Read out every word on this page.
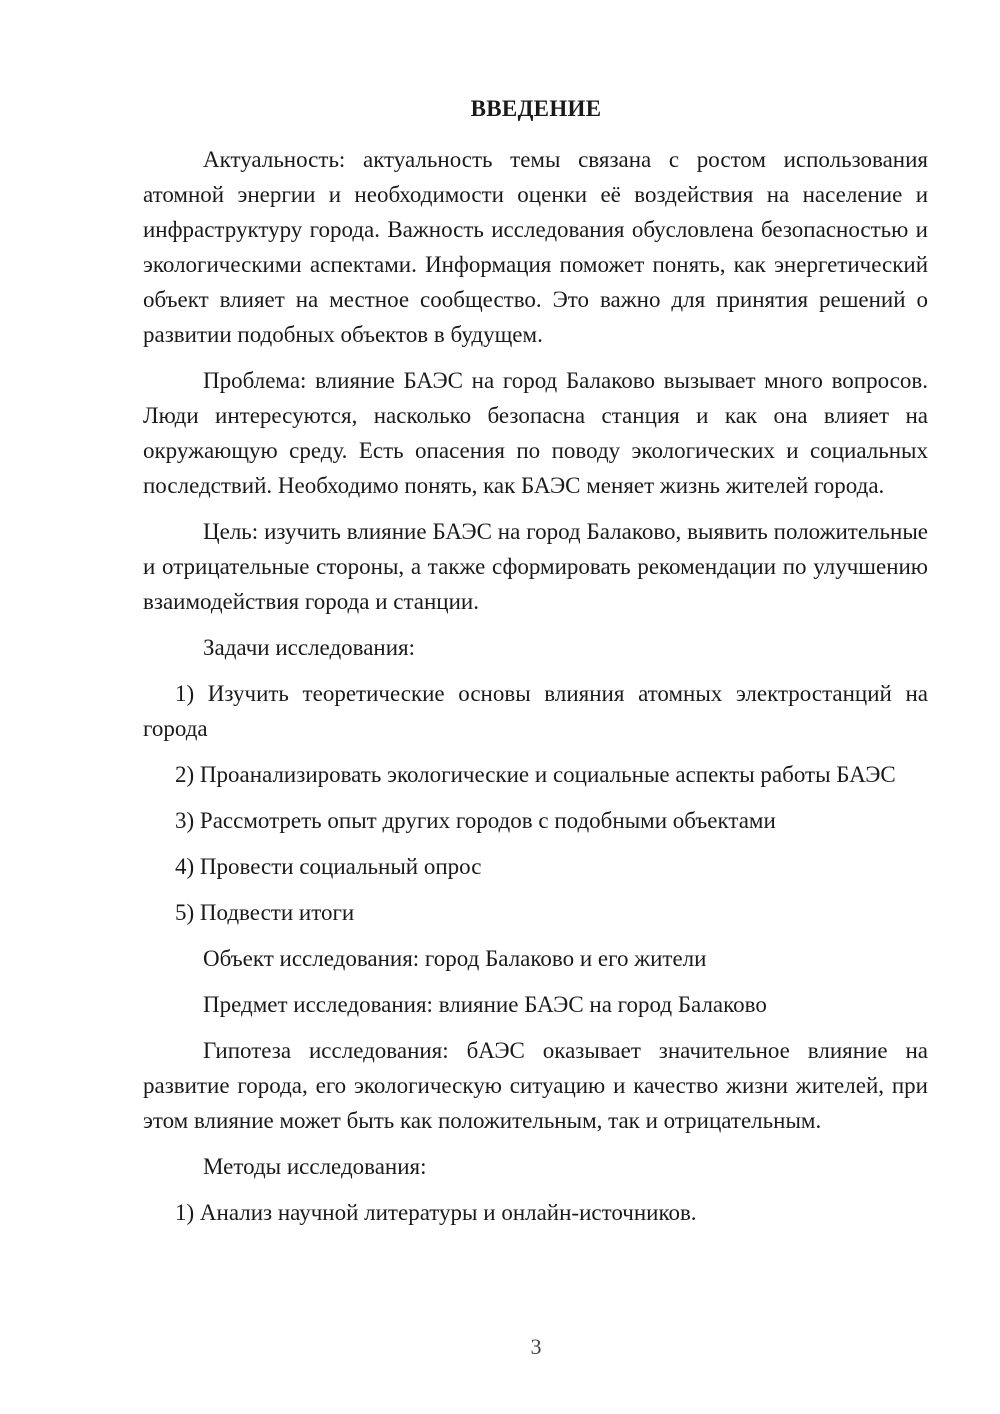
ВВЕДЕНИЕ

Актуальность: актуальность темы связана с ростом использования атомной энергии и необходимости оценки её воздействия на население и инфраструктуру города. Важность исследования обусловлена безопасностью и экологическими аспектами. Информация поможет понять, как энергетический объект влияет на местное сообщество. Это важно для принятия решений о развитии подобных объектов в будущем.

Проблема: влияние БАЭС на город Балаково вызывает много вопросов. Люди интересуются, насколько безопасна станция и как она влияет на окружающую среду. Есть опасения по поводу экологических и социальных последствий. Необходимо понять, как БАЭС меняет жизнь жителей города.

Цель: изучить влияние БАЭС на город Балаково, выявить положительные и отрицательные стороны, а также сформировать рекомендации по улучшению взаимодействия города и станции.

Задачи исследования:

1) Изучить теоретические основы влияния атомных электростанций на города

2) Проанализировать экологические и социальные аспекты работы БАЭС

3) Рассмотреть опыт других городов с подобными объектами

4) Провести социальный опрос

5) Подвести итоги

Объект исследования: город Балаково и его жители

Предмет исследования: влияние БАЭС на город Балаково

Гипотеза исследования: бАЭС оказывает значительное влияние на развитие города, его экологическую ситуацию и качество жизни жителей, при этом влияние может быть как положительным, так и отрицательным.

Методы исследования:

1) Анализ научной литературы и онлайн-источников.

3
